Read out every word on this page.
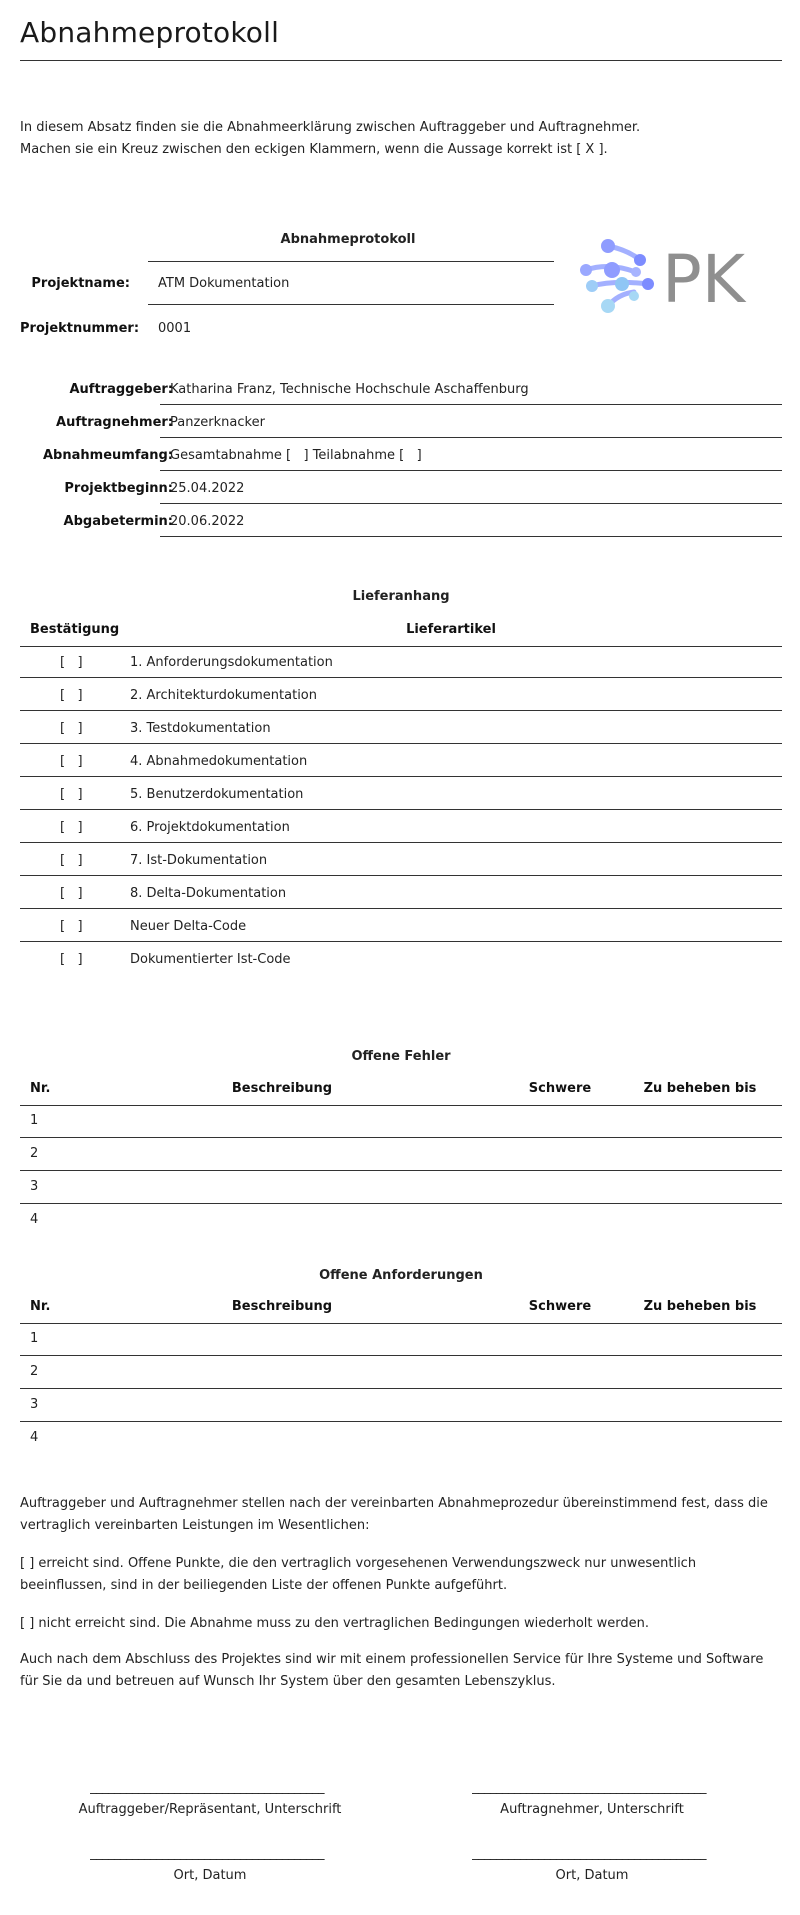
Abnahmeprotokoll
In diesem Absatz finden sie die Abnahmeerklärung zwischen Auftraggeber und Auftragnehmer.
Machen sie ein Kreuz zwischen den eckigen Klammern, wenn die Aussage korrekt ist [ X ].
Abnahmeprotokoll
Projektname: ATM Dokumentation
Projektnummer: 0001
PK
Auftraggeber:
Katharina Franz, Technische Hochschule Aschaffenburg
Auftragnehmer:
Panzerknacker
Abnahmeumfang:
Gesamtabnahme [   ] Teilabnahme [   ]
Projektbeginn:
25.04.2022
Abgabetermin:
20.06.2022
Lieferanhang
Bestätigung	Lieferartikel
[   ]	1. Anforderungsdokumentation
[   ]	2. Architekturdokumentation
[   ]	3. Testdokumentation
[   ]	4. Abnahmedokumentation
[   ]	5. Benutzerdokumentation
[   ]	6. Projektdokumentation
[   ]	7. Ist-Dokumentation
[   ]	8. Delta-Dokumentation
[   ]	Neuer Delta-Code
[   ]	Dokumentierter Ist-Code
Offene Fehler
Nr.	Beschreibung	Schwere	Zu beheben bis
1
2
3
4
Offene Anforderungen
Nr.	Beschreibung	Schwere	Zu beheben bis
1
2
3
4
Auftraggeber und Auftragnehmer stellen nach der vereinbarten Abnahmeprozedur übereinstimmend fest, dass die vertraglich vereinbarten Leistungen im Wesentlichen:
[ ] erreicht sind. Offene Punkte, die den vertraglich vorgesehenen Verwendungszweck nur unwesentlich beeinflussen, sind in der beiliegenden Liste der offenen Punkte aufgeführt.
[ ] nicht erreicht sind. Die Abnahme muss zu den vertraglichen Bedingungen wiederholt werden.
Auch nach dem Abschluss des Projektes sind wir mit einem professionellen Service für Ihre Systeme und Software für Sie da und betreuen auf Wunsch Ihr System über den gesamten Lebenszyklus.
_______________________________________
Auftraggeber/Repräsentant, Unterschrift
_______________________________________
Auftragnehmer, Unterschrift
_______________________________________
Ort, Datum
_______________________________________
Ort, Datum
